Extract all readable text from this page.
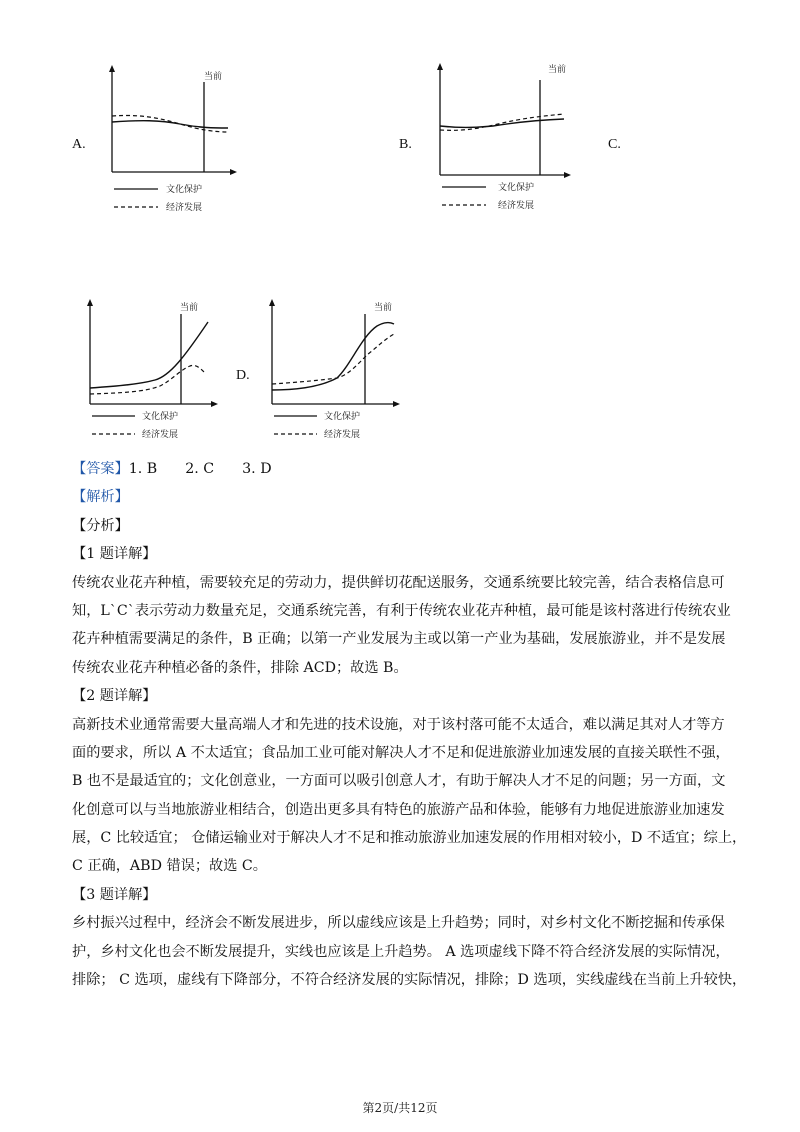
A.	B.	C.
D.
当前
文化保护
经济发展
当前
文化保护
经济发展
当前
文化保护
经济发展
当前
文化保护
经济发展
【答案】1. B 2. C 3. D
【解析】
【分析】
【1 题详解】
传统农业花卉种植，需要较充足的劳动力，提供鲜切花配送服务，交通系统要比较完善，结合表格信息可
知，L`C`表示劳动力数量充足，交通系统完善，有利于传统农业花卉种植，最可能是该村落进行传统农业
花卉种植需要满足的条件，B 正确；以第一产业发展为主或以第一产业为基础，发展旅游业，并不是发展
传统农业花卉种植必备的条件，排除 ACD；故选 B。
【2 题详解】
高新技术业通常需要大量高端人才和先进的技术设施，对于该村落可能不太适合，难以满足其对人才等方
面的要求，所以 A 不太适宜；食品加工业可能对解决人才不足和促进旅游业加速发展的直接关联性不强，
B 也不是最适宜的；文化创意业，一方面可以吸引创意人才，有助于解决人才不足的问题；另一方面，文
化创意可以与当地旅游业相结合，创造出更多具有特色的旅游产品和体验，能够有力地促进旅游业加速发
展，C 比较适宜； 仓储运输业对于解决人才不足和推动旅游业加速发展的作用相对较小，D 不适宜；综上，
C 正确，ABD 错误；故选 C。
【3 题详解】
乡村振兴过程中，经济会不断发展进步，所以虚线应该是上升趋势；同时，对乡村文化不断挖掘和传承保
护，乡村文化也会不断发展提升，实线也应该是上升趋势。 A 选项虚线下降不符合经济发展的实际情况，
排除； C 选项，虚线有下降部分，不符合经济发展的实际情况，排除；D 选项，实线虚线在当前上升较快，
第2页/共12页
